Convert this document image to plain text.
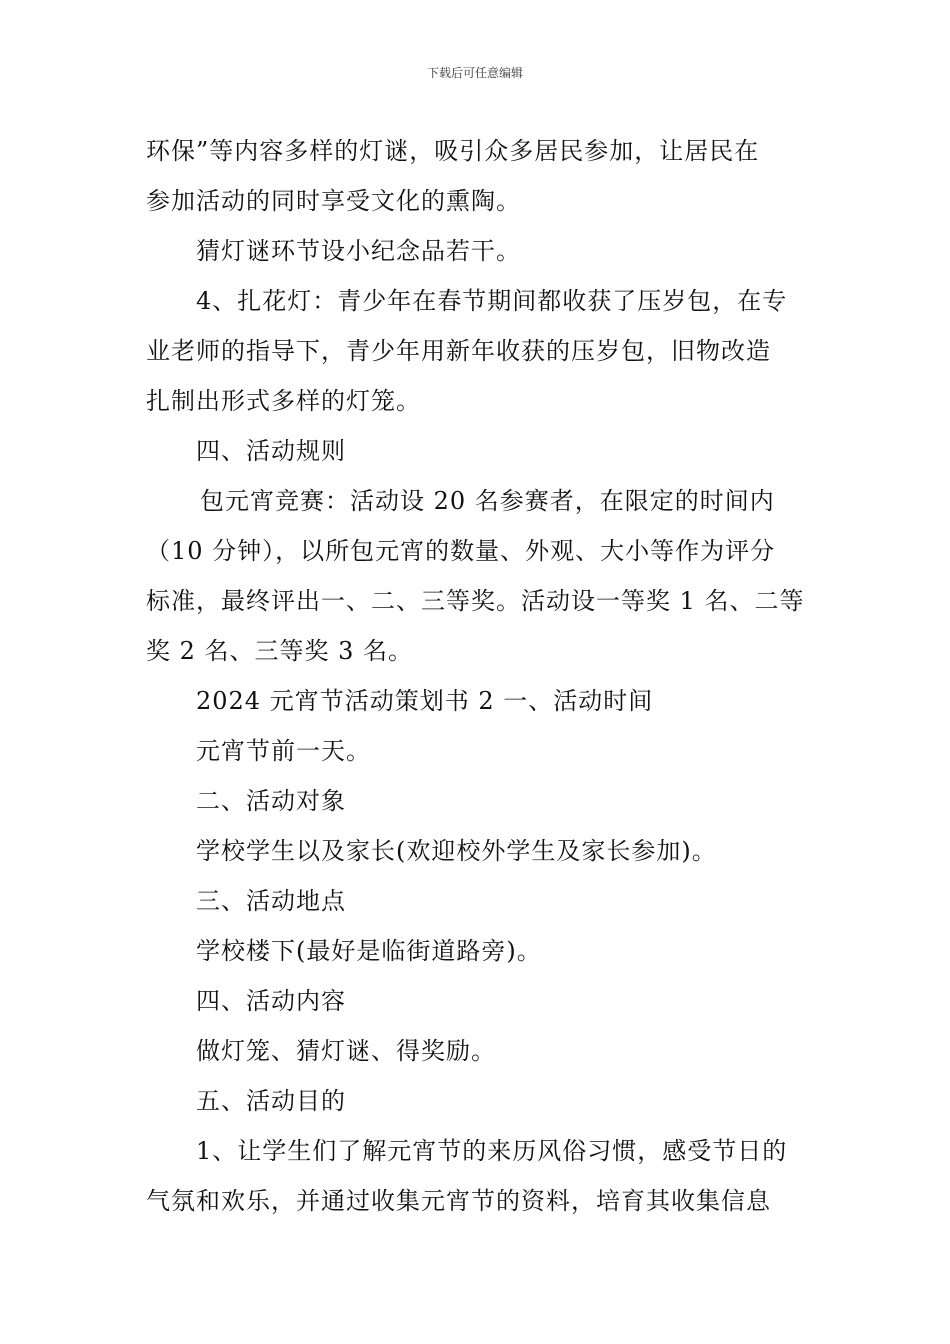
下载后可任意编辑
环保”等内容多样的灯谜，吸引众多居民参加，让居民在
参加活动的同时享受文化的熏陶。
猜灯谜环节设小纪念品若干。
4、扎花灯：青少年在春节期间都收获了压岁包，在专
业老师的指导下，青少年用新年收获的压岁包，旧物改造
扎制出形式多样的灯笼。
四、活动规则
包元宵竞赛：活动设 20 名参赛者，在限定的时间内
（10 分钟），以所包元宵的数量、外观、大小等作为评分
标准，最终评出一、二、三等奖。活动设一等奖 1 名、二等
奖 2 名、三等奖 3 名。
2024 元宵节活动策划书 2 一、活动时间
元宵节前一天。
二、活动对象
学校学生以及家长(欢迎校外学生及家长参加)。
三、活动地点
学校楼下(最好是临街道路旁)。
四、活动内容
做灯笼、猜灯谜、得奖励。
五、活动目的
1、让学生们了解元宵节的来历风俗习惯，感受节日的
气氛和欢乐，并通过收集元宵节的资料，培育其收集信息
